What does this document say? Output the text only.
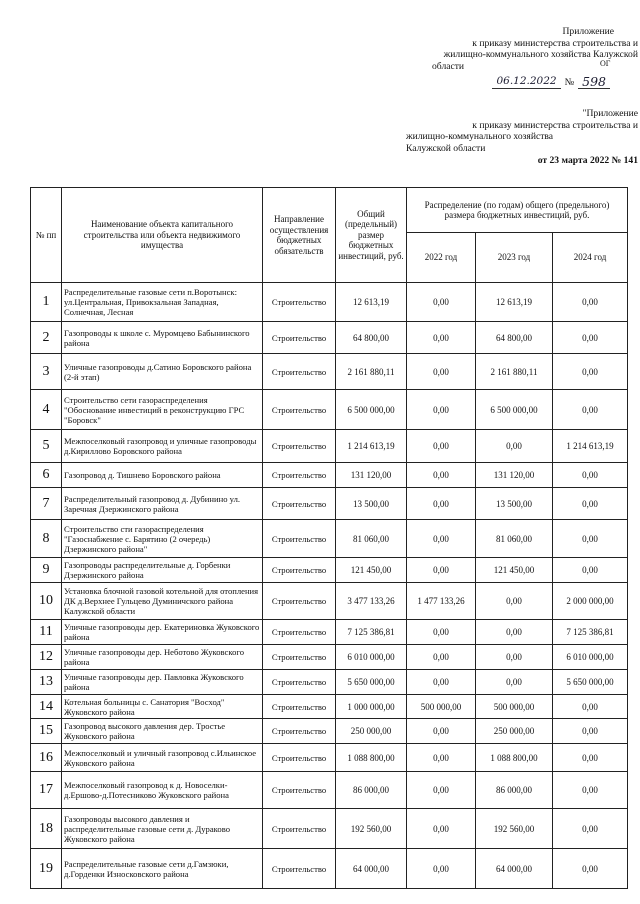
Приложение
к приказу министерства строительства и
жилищно-коммунального хозяйства Калужской
области
06.12.2022 № 598
ОГ
"Приложение
к приказу министерства строительства и
жилищно-коммунального хозяйства
Калужской области
от 23 марта 2022 № 141
№ пп	Наименование объекта капитального строительства или объекта недвижимого имущества	Направление осуществления бюджетных обязательств	Общий (предельный) размер бюджетных инвестиций, руб.	Распределение (по годам) общего (предельного) размера бюджетных инвестиций, руб.		
				2022 год	2023 год	2024 год
1	Распределительные газовые сети п.Воротынск: ул.Центральная, Привокзальная Западная, Солнечная, Лесная	Строительство	12 613,19	0,00	12 613,19	0,00
2	Газопроводы к школе с. Муромцево Бабынинского района	Строительство	64 800,00	0,00	64 800,00	0,00
3	Уличные газопроводы д.Сатино Боровского района (2-й этап)	Строительство	2 161 880,11	0,00	2 161 880,11	0,00
4	Строительство сети газораспределения "Обоснование инвестиций в реконструкцию ГРС "Боровск"	Строительство	6 500 000,00	0,00	6 500 000,00	0,00
5	Межпоселковый газопровод и уличные газопроводы д.Кириллово Боровского района	Строительство	1 214 613,19	0,00	0,00	1 214 613,19
6	Газопровод д. Тишнево Боровского района	Строительство	131 120,00	0,00	131 120,00	0,00
7	Распределительный газопровод д. Дубинино ул. Заречная Дзержинского района	Строительство	13 500,00	0,00	13 500,00	0,00
8	Строительство сти газораспределения "Газоснабжение с. Барятино (2 очередь) Дзержинского района"	Строительство	81 060,00	0,00	81 060,00	0,00
9	Газопроводы распределительные д. Горбенки Дзержинского района	Строительство	121 450,00	0,00	121 450,00	0,00
10	Установка блочной газовой котельной для отопления ДК д.Верхнее Гульцево Думиничского района Калужской области	Строительство	3 477 133,26	1 477 133,26	0,00	2 000 000,00
11	Уличные газопроводы дер. Екатериновка Жуковского района	Строительство	7 125 386,81	0,00	0,00	7 125 386,81
12	Уличные газопроводы дер. Неботово Жуковского района	Строительство	6 010 000,00	0,00	0,00	6 010 000,00
13	Уличные газопроводы дер. Павловка Жуковского района	Строительство	5 650 000,00	0,00	0,00	5 650 000,00
14	Котельная больницы с. Санатория "Восход" Жуковского района	Строительство	1 000 000,00	500 000,00	500 000,00	0,00
15	Газопровод высокого давления дер. Тростье Жуковского района	Строительство	250 000,00	0,00	250 000,00	0,00
16	Межпоселковый и уличный газопровод с.Ильинское Жуковского района	Строительство	1 088 800,00	0,00	1 088 800,00	0,00
17	Межпоселковый газопровод к д. Новоселки-д.Ершово-д.Потесниково Жуковского района	Строительство	86 000,00	0,00	86 000,00	0,00
18	Газопроводы высокого давления и распределительные газовые сети д. Дураково Жуковского района	Строительство	192 560,00	0,00	192 560,00	0,00
19	Распределительные газовые сети д.Гамзюки, д.Горденки Износковского района	Строительство	64 000,00	0,00	64 000,00	0,00
